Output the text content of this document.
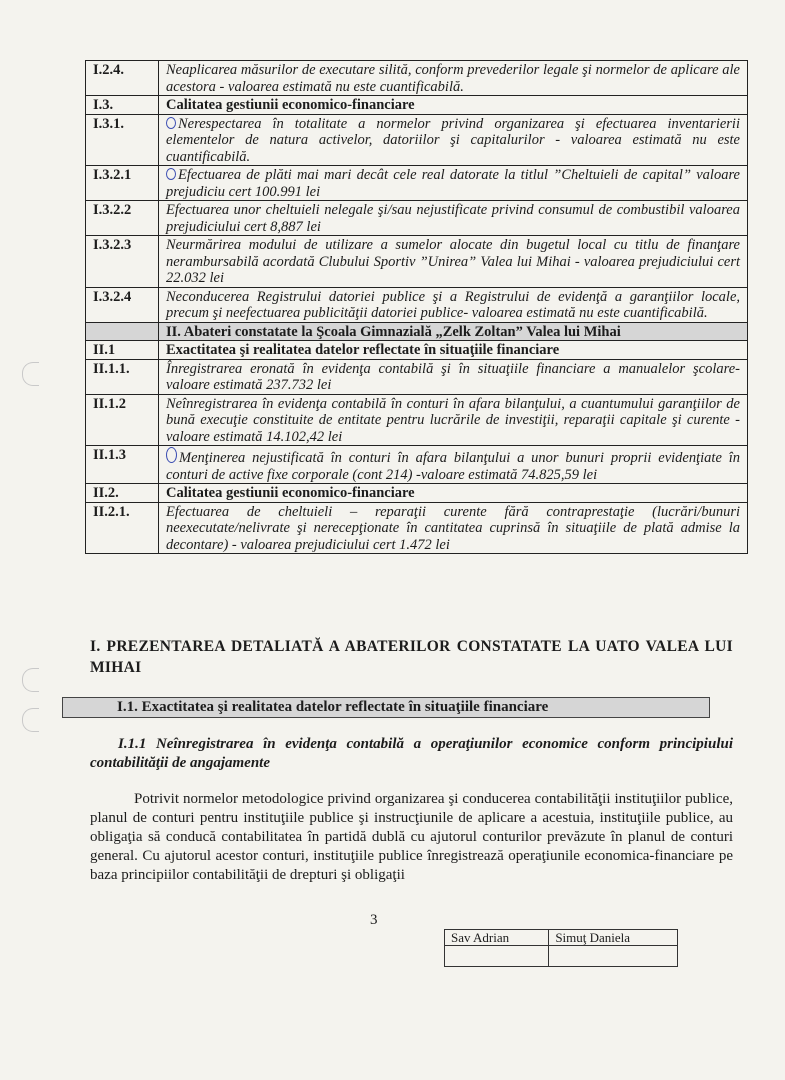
I.2.4.	Neaplicarea măsurilor de executare silită, conform prevederilor legale şi normelor de aplicare ale acestora - valoarea estimată nu este cuantificabilă.
I.3.	Calitatea gestiunii economico-financiare
I.3.1.	Nerespectarea în totalitate a normelor privind organizarea şi efectuarea inventarierii elementelor de natura activelor, datoriilor şi capitalurilor - valoarea estimată nu este cuantificabilă.
I.3.2.1	Efectuarea de plăti mai mari decât cele real datorate la titlul ”Cheltuieli de capital” valoare prejudiciu cert 100.991 lei
I.3.2.2	Efectuarea unor cheltuieli nelegale şi/sau nejustificate privind consumul de combustibil valoarea prejudiciului cert 8,887 lei
I.3.2.3	Neurmărirea modului de utilizare a sumelor alocate din bugetul local cu titlu de finanţare nerambursabilă acordată Clubului Sportiv ”Unirea” Valea lui Mihai - valoarea prejudiciului cert 22.032 lei
I.3.2.4	Neconducerea Registrului datoriei publice şi a Registrului de evidenţă a garanţiilor locale, precum şi neefectuarea publicităţii datoriei publice- valoarea estimată nu este cuantificabilă.
	II. Abateri constatate la Şcoala Gimnazială „Zelk Zoltan” Valea lui Mihai
II.1	Exactitatea şi realitatea datelor reflectate în situaţiile financiare
II.1.1.	Înregistrarea eronată în evidenţa contabilă şi în situaţiile financiare a manualelor şcolare- valoare estimată 237.732 lei
II.1.2	Neînregistrarea în evidenţa contabilă în conturi în afara bilanţului, a cuantumului garanţiilor de bună execuţie constituite de entitate pentru lucrările de investiţii, reparaţii capitale şi curente - valoare estimată 14.102,42 lei
II.1.3	Menţinerea nejustificată în conturi în afara bilanţului a unor bunuri proprii evidenţiate în conturi de active fixe corporale (cont 214) -valoare estimată 74.825,59 lei
II.2.	Calitatea gestiunii economico-financiare
II.2.1.	Efectuarea de cheltuieli – reparaţii curente fără contraprestaţie (lucrări/bunuri neexecutate/nelivrate şi nerecepţionate în cantitatea cuprinsă în situaţiile de plată admise la decontare) - valoarea prejudiciului cert 1.472 lei
I. PREZENTAREA DETALIATĂ A ABATERILOR CONSTATATE LA UATO VALEA LUI MIHAI
I.1. Exactitatea şi realitatea datelor reflectate în situaţiile financiare
I.1.1 Neînregistrarea în evidenţa contabilă a operaţiunilor economice conform principiului contabilităţii de angajamente
Potrivit normelor metodologice privind organizarea şi conducerea contabilităţii instituţiilor publice, planul de conturi pentru instituţiile publice şi instrucţiunile de aplicare a acestuia, instituţiile publice, au obligaţia să conducă contabilitatea în partidă dublă cu ajutorul conturilor prevăzute în planul de conturi general. Cu ajutorul acestor conturi, instituţiile publice înregistrează operaţiunile economica-financiare pe baza principiilor contabilităţii de drepturi şi obligaţii
3
Sav Adrian	Simuţ Daniela
